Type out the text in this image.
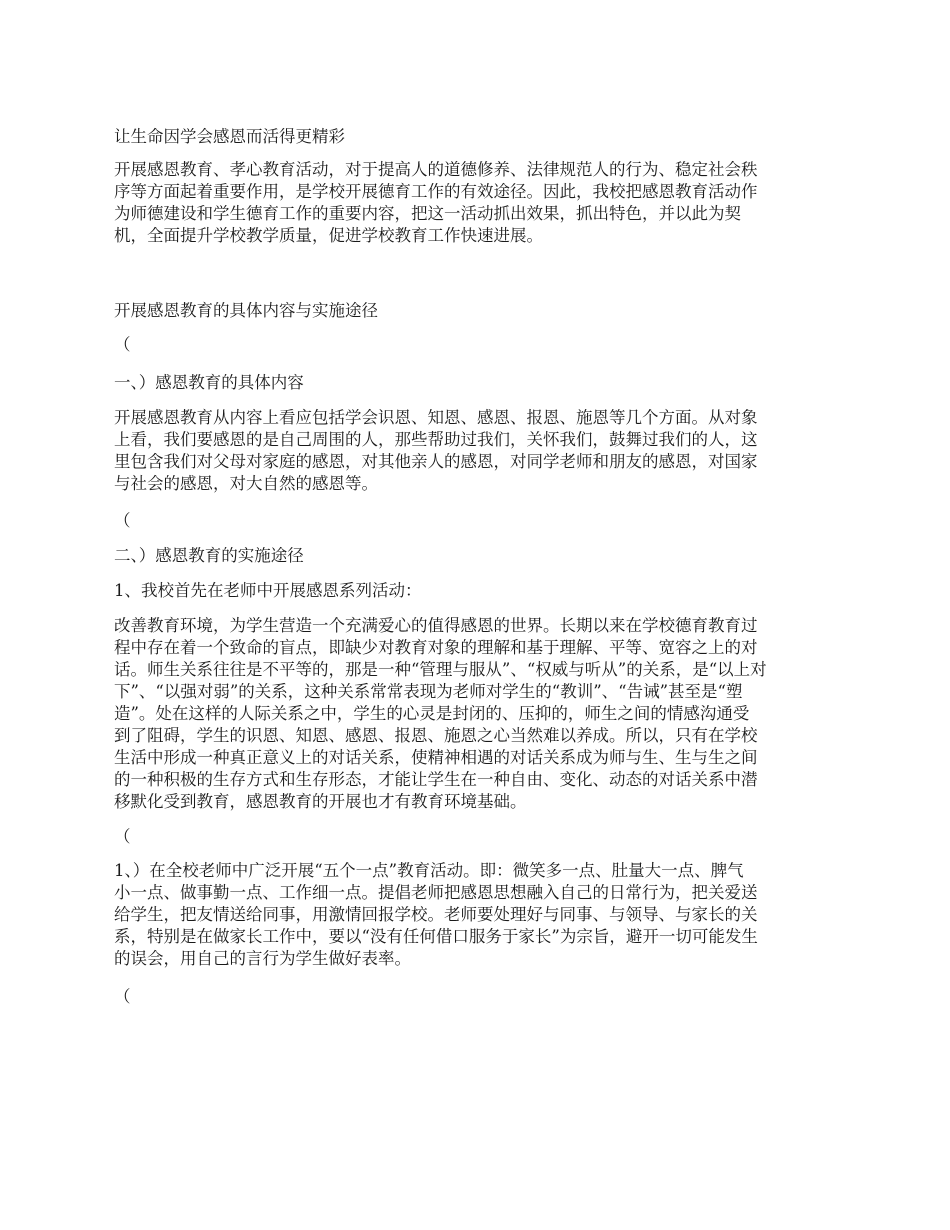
让生命因学会感恩而活得更精彩

开展感恩教育、孝心教育活动，对于提高人的道德修养、法律规范人的行为、稳定社会秩
序等方面起着重要作用，是学校开展德育工作的有效途径。因此，我校把感恩教育活动作
为师德建设和学生德育工作的重要内容，把这一活动抓出效果，抓出特色，并以此为契
机，全面提升学校教学质量，促进学校教育工作快速进展。

开展感恩教育的具体内容与实施途径

（

一、）感恩教育的具体内容

开展感恩教育从内容上看应包括学会识恩、知恩、感恩、报恩、施恩等几个方面。从对象
上看，我们要感恩的是自己周围的人，那些帮助过我们，关怀我们，鼓舞过我们的人，这
里包含我们对父母对家庭的感恩，对其他亲人的感恩，对同学老师和朋友的感恩，对国家
与社会的感恩，对大自然的感恩等。

（

二、）感恩教育的实施途径

1、我校首先在老师中开展感恩系列活动：

改善教育环境，为学生营造一个充满爱心的值得感恩的世界。长期以来在学校德育教育过
程中存在着一个致命的盲点，即缺少对教育对象的理解和基于理解、平等、宽容之上的对
话。师生关系往往是不平等的，那是一种“管理与服从”、“权威与听从”的关系，是“以上对
下”、“以强对弱”的关系，这种关系常常表现为老师对学生的“教训”、“告诫”甚至是“塑
造”。处在这样的人际关系之中，学生的心灵是封闭的、压抑的，师生之间的情感沟通受
到了阻碍，学生的识恩、知恩、感恩、报恩、施恩之心当然难以养成。所以，只有在学校
生活中形成一种真正意义上的对话关系，使精神相遇的对话关系成为师与生、生与生之间
的一种积极的生存方式和生存形态，才能让学生在一种自由、变化、动态的对话关系中潜
移默化受到教育，感恩教育的开展也才有教育环境基础。

（

1、）在全校老师中广泛开展“五个一点”教育活动。即：微笑多一点、肚量大一点、脾气
小一点、做事勤一点、工作细一点。提倡老师把感恩思想融入自己的日常行为，把关爱送
给学生，把友情送给同事，用激情回报学校。老师要处理好与同事、与领导、与家长的关
系，特别是在做家长工作中，要以“没有任何借口服务于家长”为宗旨，避开一切可能发生
的误会，用自己的言行为学生做好表率。

（
